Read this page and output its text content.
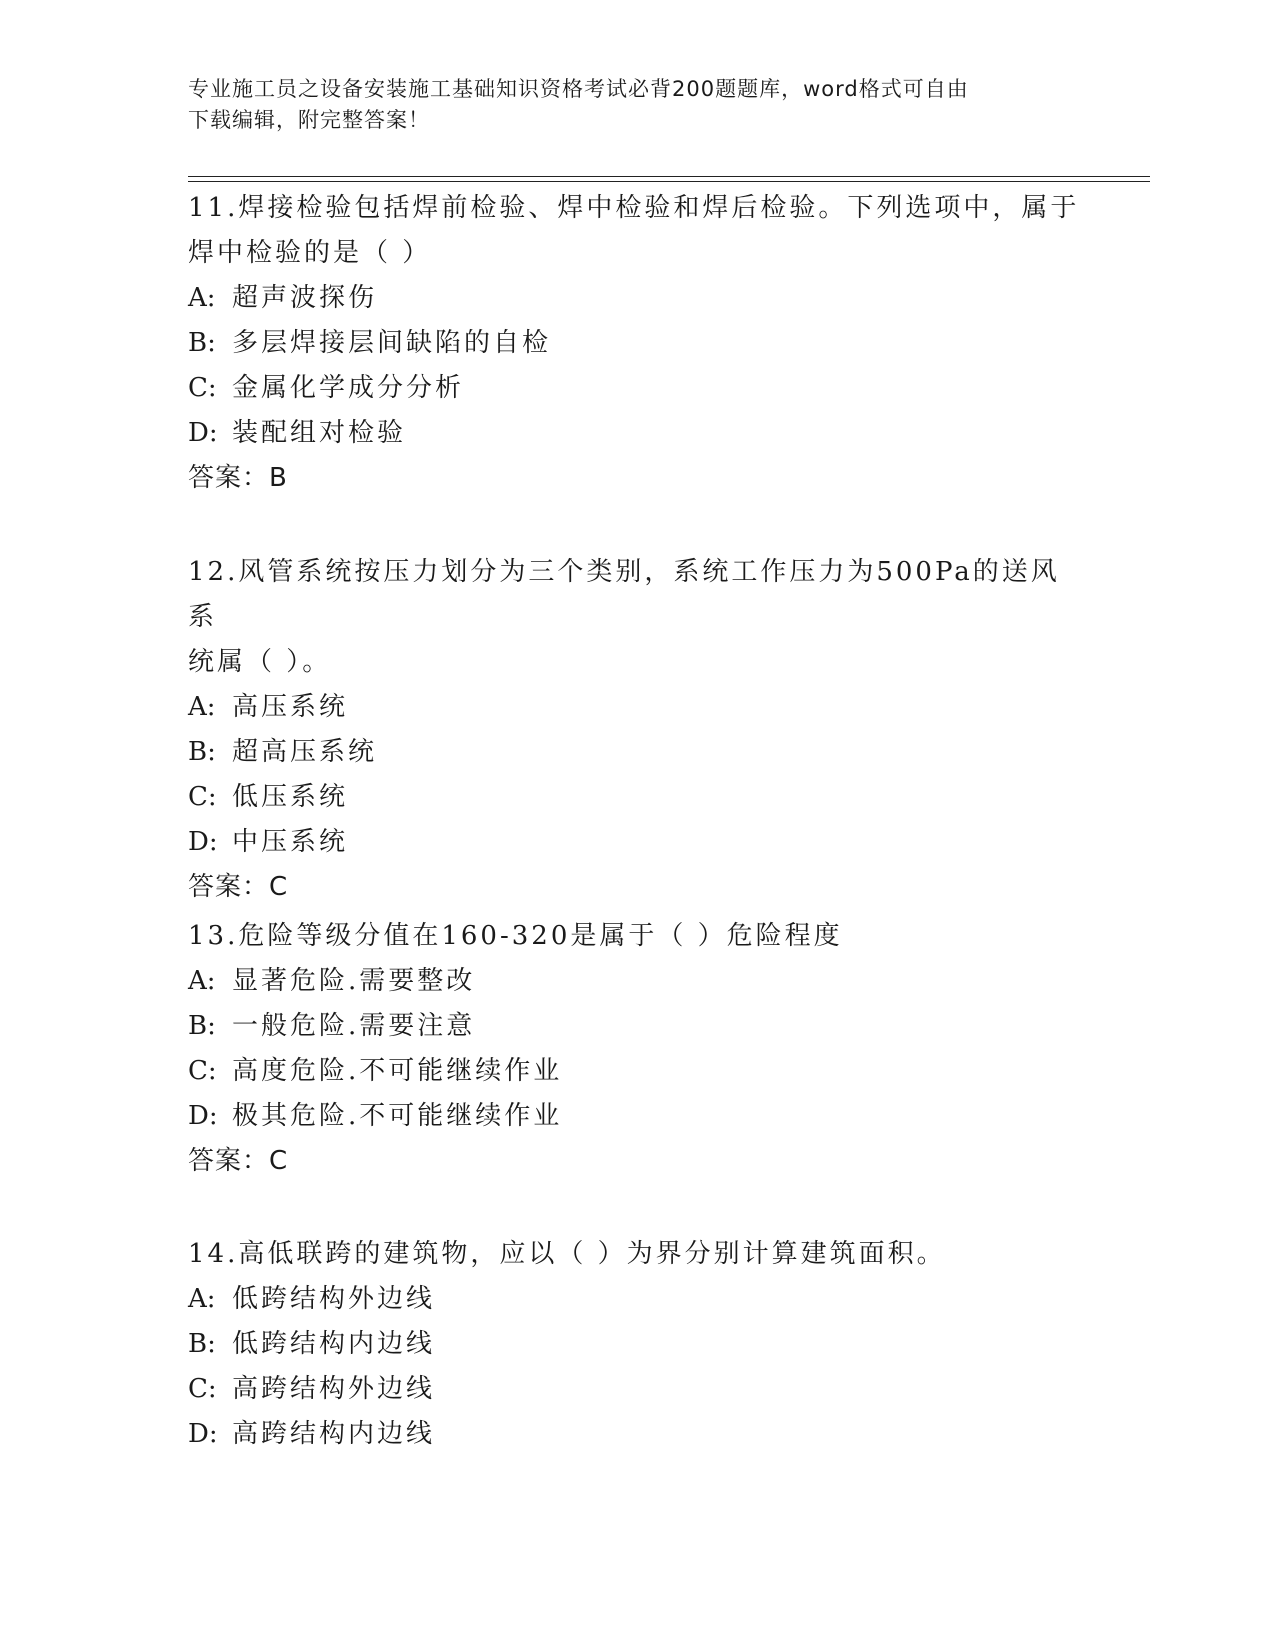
专业施工员之设备安装施工基础知识资格考试必背200题题库，word格式可自由
下载编辑，附完整答案！

11.焊接检验包括焊前检验、焊中检验和焊后检验。下列选项中，属于

焊中检验的是（ ）

A: 超声波探伤

B: 多层焊接层间缺陷的自检

C: 金属化学成分分析

D: 装配组对检验

答案：B

12.风管系统按压力划分为三个类别，系统工作压力为500Pa的送风系

统属（ ）。

A: 高压系统

B: 超高压系统

C: 低压系统

D: 中压系统

答案：C

13.危险等级分值在160-320是属于（ ）危险程度

A: 显著危险.需要整改

B: 一般危险.需要注意

C: 高度危险.不可能继续作业

D: 极其危险.不可能继续作业

答案：C

14.高低联跨的建筑物，应以（ ）为界分别计算建筑面积。

A: 低跨结构外边线

B: 低跨结构内边线

C: 高跨结构外边线

D: 高跨结构内边线
